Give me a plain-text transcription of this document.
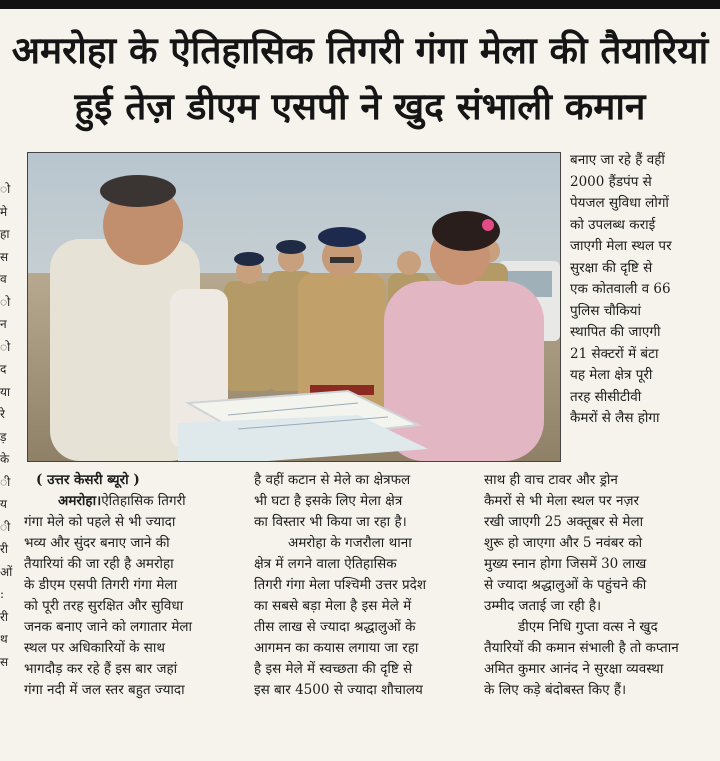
अमरोहा के ऐतिहासिक तिगरी गंगा मेला की तैयारियां
हुई तेज़ डीएम एसपी ने खुद संभाली कमान
ो
मे
हा
स
व
ो
न
ो
द
या
रे
ड़
के
ी
य
ी
री
ओं
:
री
थ
स
बनाए जा रहे हैं वहीं
2000 हैंडपंप से
पेयजल सुविधा लोगों
को उपलब्ध कराई
जाएगी मेला स्थल पर
सुरक्षा की दृष्टि से
एक कोतवाली व 66
पुलिस चौकियां
स्थापित की जाएगी
21 सेक्टरों में बंटा
यह मेला क्षेत्र पूरी
तरह सीसीटीवी
कैमरों से लैस होगा
( उत्तर केसरी ब्यूरो )
अमरोहा।ऐतिहासिक तिगरी
गंगा मेले को पहले से भी ज्यादा
भव्य और सुंदर बनाए जाने की
तैयारियां की जा रही है अमरोहा
के डीएम एसपी तिगरी गंगा मेला
को पूरी तरह सुरक्षित और सुविधा
जनक बनाए जाने को लगातार मेला
स्थल पर अधिकारियों के साथ
भागदौड़ कर रहे हैं इस बार जहां
गंगा नदी में जल स्तर बहुत ज्यादा
है वहीं कटान से मेले का क्षेत्रफल
भी घटा है इसके लिए मेला क्षेत्र
का विस्तार भी किया जा रहा है।
अमरोहा के गजरौला थाना
क्षेत्र में लगने वाला ऐतिहासिक
तिगरी गंगा मेला पश्चिमी उत्तर प्रदेश
का सबसे बड़ा मेला है इस मेले में
तीस लाख से ज्यादा श्रद्धालुओं के
आगमन का कयास लगाया जा रहा
है इस मेले में स्वच्छता की दृष्टि से
इस बार 4500 से ज्यादा शौचालय
साथ ही वाच टावर और ड्रोन
कैमरों से भी मेला स्थल पर नज़र
रखी जाएगी 25 अक्तूबर से मेला
शुरू हो जाएगा और 5 नवंबर को
मुख्य स्नान होगा जिसमें 30 लाख
से ज्यादा श्रद्धालुओं के पहुंचने की
उम्मीद जताई जा रही है।
डीएम निधि गुप्ता वत्स ने खुद
तैयारियों की कमान संभाली है तो कप्तान
अमित कुमार आनंद ने सुरक्षा व्यवस्था
के लिए कड़े बंदोबस्त किए हैं।
